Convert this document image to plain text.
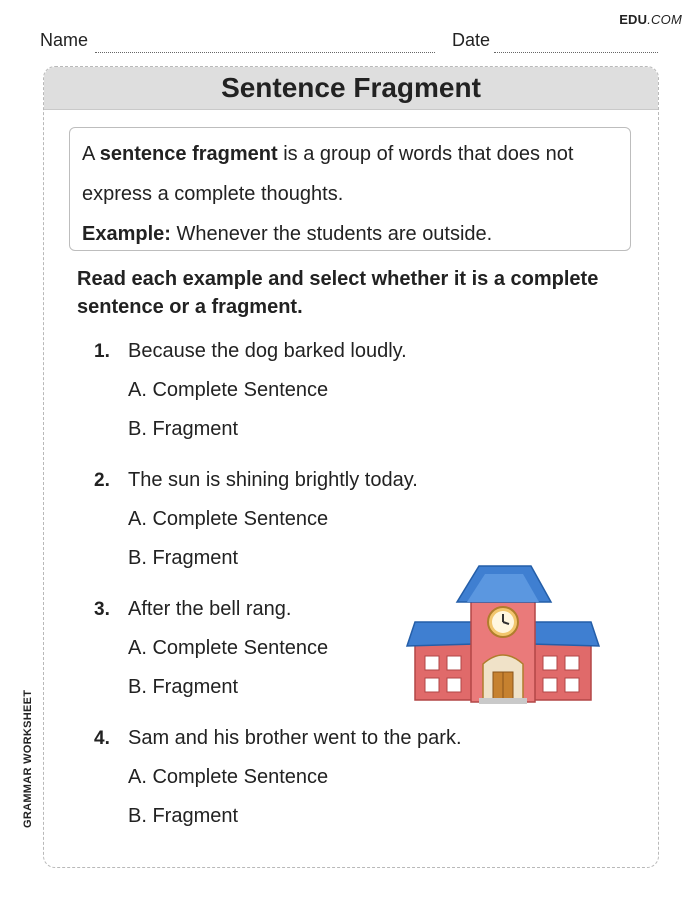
EDU.COM
Name	Date
Sentence Fragment

A sentence fragment is a group of words that does not express a complete thoughts.

Example: Whenever the students are outside.

Read each example and select whether it is a complete sentence or a fragment.
1. Because the dog barked loudly.
A. Complete Sentence
B. Fragment
2. The sun is shining brightly today.
A. Complete Sentence
B. Fragment
3. After the bell rang.
A. Complete Sentence
B. Fragment
4. Sam and his brother went to the park.
A. Complete Sentence
B. Fragment
GRAMMAR WORKSHEET
